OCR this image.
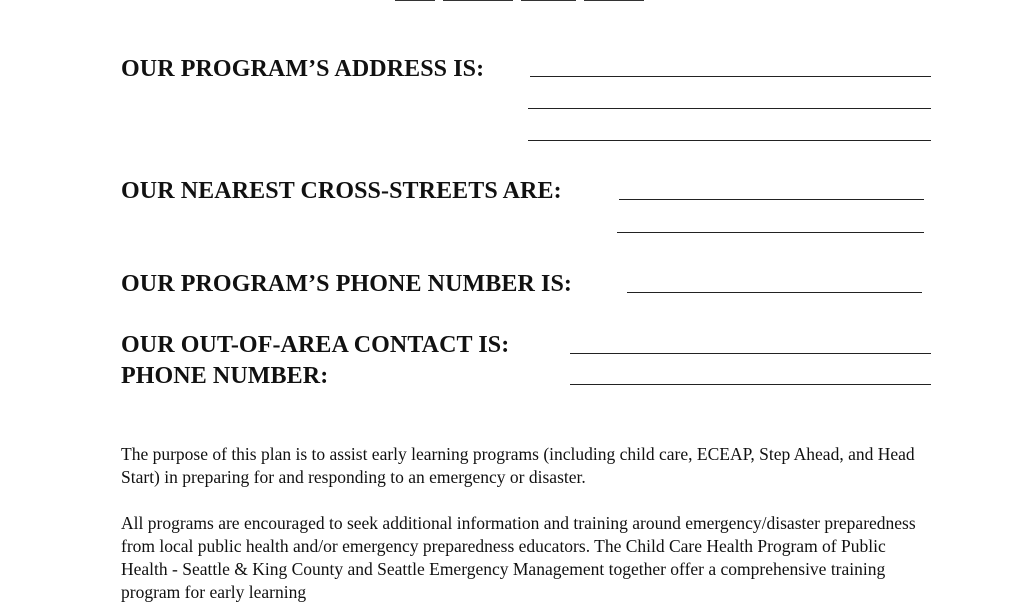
OUR PROGRAM’S ADDRESS IS:
OUR NEAREST CROSS-STREETS ARE:
OUR PROGRAM’S PHONE NUMBER IS:
OUR OUT-OF-AREA CONTACT IS:
PHONE NUMBER:

The purpose of this plan is to assist early learning programs (including child care, ECEAP, Step Ahead, and Head Start) in preparing for and responding to an emergency or disaster.

All programs are encouraged to seek additional information and training around emergency/disaster preparedness from local public health and/or emergency preparedness educators. The Child Care Health Program of Public Health - Seattle & King County and Seattle Emergency Management together offer a comprehensive training program for early learning
